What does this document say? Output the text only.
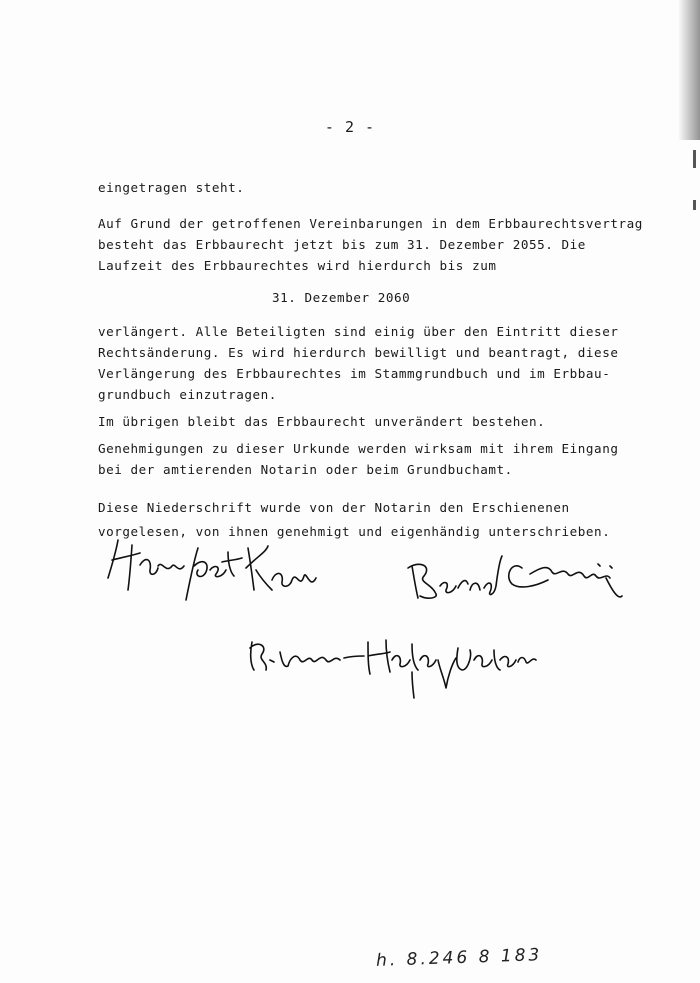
- 2 -
eingetragen steht.
Auf Grund der getroffenen Vereinbarungen in dem Erbbaurechtsvertrag
besteht das Erbbaurecht jetzt bis zum 31. Dezember 2055. Die
Laufzeit des Erbbaurechtes wird hierdurch bis zum
31. Dezember 2060
verlängert. Alle Beteiligten sind einig über den Eintritt dieser
Rechtsänderung. Es wird hierdurch bewilligt und beantragt, diese
Verlängerung des Erbbaurechtes im Stammgrundbuch und im Erbbau-
grundbuch einzutragen.
Im übrigen bleibt das Erbbaurecht unverändert bestehen.
Genehmigungen zu dieser Urkunde werden wirksam mit ihrem Eingang
bei der amtierenden Notarin oder beim Grundbuchamt.
Diese Niederschrift wurde von der Notarin den Erschienenen
vorgelesen, von ihnen genehmigt und eigenhändig unterschrieben.
h. 8.246 8 183
